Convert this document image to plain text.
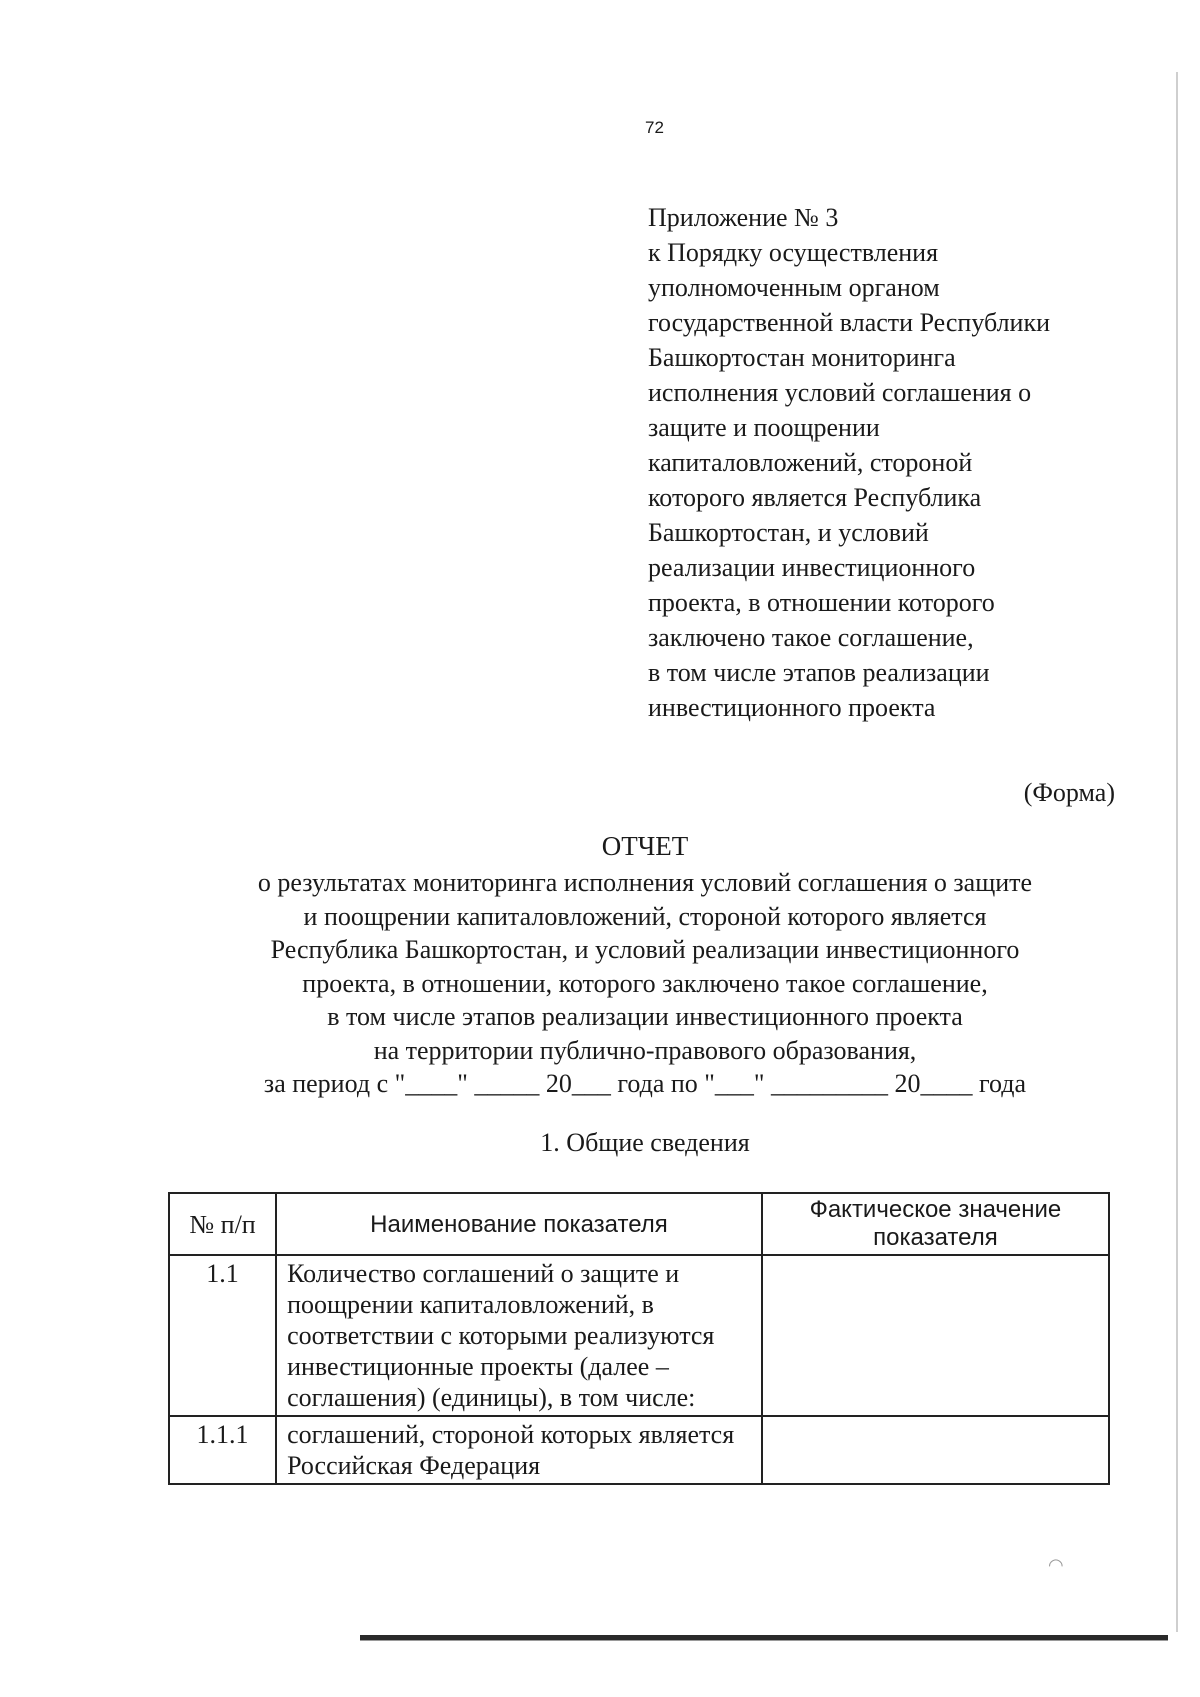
72
Приложение № 3
к Порядку осуществления
уполномоченным органом
государственной власти Республики
Башкортостан мониторинга
исполнения условий соглашения о
защите и поощрении
капиталовложений, стороной
которого является Республика
Башкортостан, и условий
реализации инвестиционного
проекта, в отношении которого
заключено такое соглашение,
в том числе этапов реализации
инвестиционного проекта
(Форма)
ОТЧЕТ
о результатах мониторинга исполнения условий соглашения о защите
и поощрении капиталовложений, стороной которого является
Республика Башкортостан, и условий реализации инвестиционного
проекта, в отношении, которого заключено такое соглашение,
в том числе этапов реализации инвестиционного проекта
на территории публично-правового образования,
за период с "____" _____ 20___ года по "___" _________ 20____ года
1. Общие сведения
№ п/п	Наименование показателя	Фактическое значение показателя
1.1	Количество соглашений о защите и поощрении капиталовложений, в соответствии с которыми реализуются инвестиционные проекты (далее – соглашения) (единицы), в том числе:	
1.1.1	соглашений, стороной которых является Российская Федерация	
◠
